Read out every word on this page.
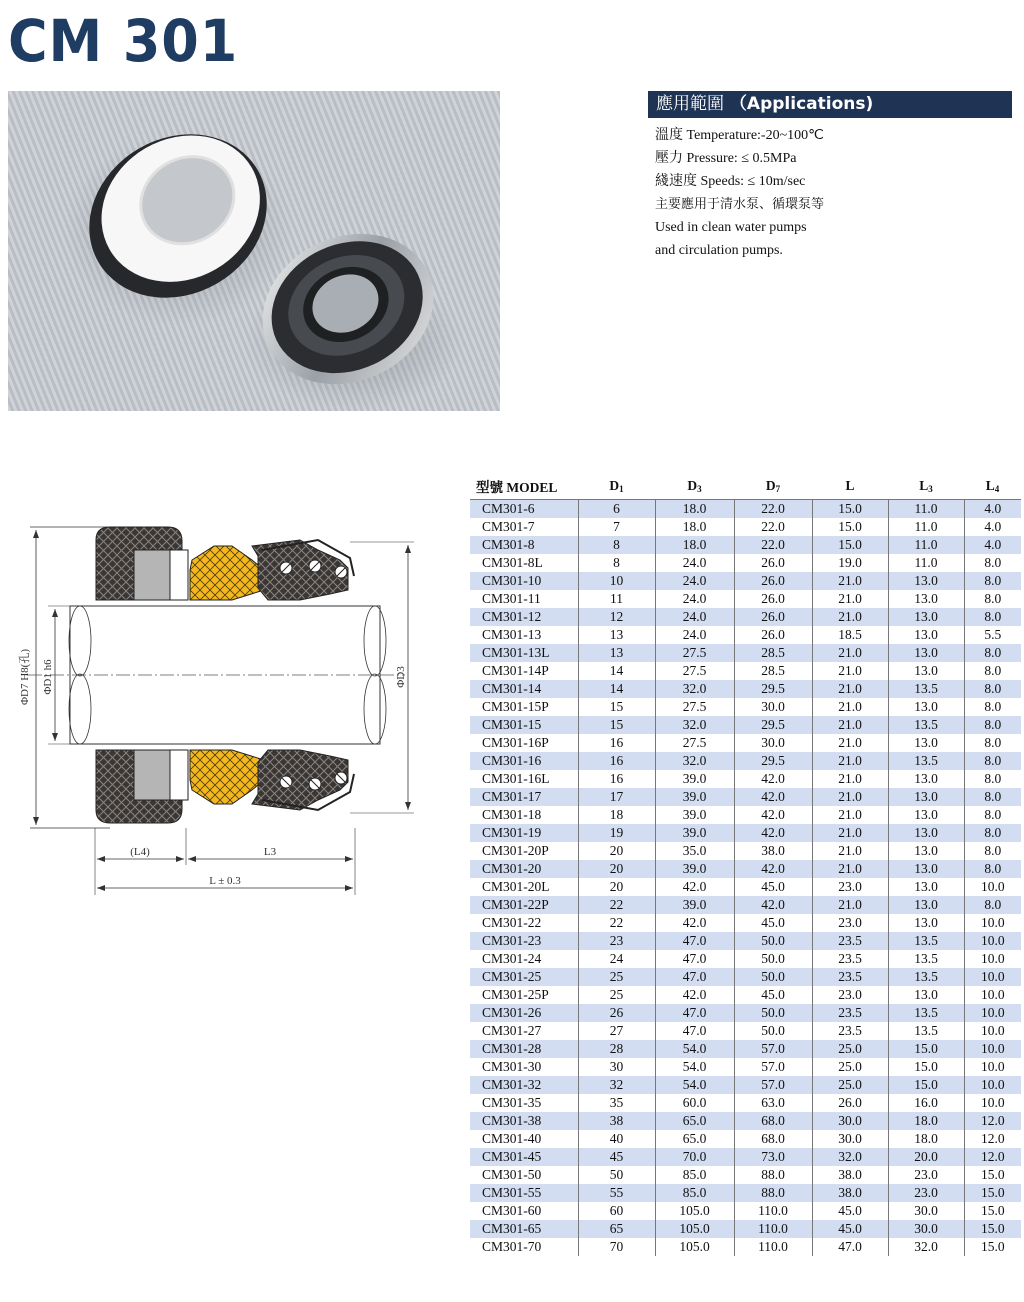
CM 301
應用範圍 （Applications)
溫度 Temperature:-20~100℃
壓力 Pressure: ≤ 0.5MPa
綫速度 Speeds: ≤ 10m/sec
主要應用于清水泵、循環泵等
Used in clean water pumps
and circulation pumps.
(L4)	L3
L ± 0.3
ΦD7 H8(孔) ΦD1 h6	ΦD3
型號 MODEL	$D_1$	$D_3$	$D_7$	L	$L_3$	$L_4$
CM301-6	6	18.0	22.0	15.0	11.0	4.0
CM301-7	7	18.0	22.0	15.0	11.0	4.0
CM301-8	8	18.0	22.0	15.0	11.0	4.0
CM301-8L	8	24.0	26.0	19.0	11.0	8.0
CM301-10	10	24.0	26.0	21.0	13.0	8.0
CM301-11	11	24.0	26.0	21.0	13.0	8.0
CM301-12	12	24.0	26.0	21.0	13.0	8.0
CM301-13	13	24.0	26.0	18.5	13.0	5.5
CM301-13L	13	27.5	28.5	21.0	13.0	8.0
CM301-14P	14	27.5	28.5	21.0	13.0	8.0
CM301-14	14	32.0	29.5	21.0	13.5	8.0
CM301-15P	15	27.5	30.0	21.0	13.0	8.0
CM301-15	15	32.0	29.5	21.0	13.5	8.0
CM301-16P	16	27.5	30.0	21.0	13.0	8.0
CM301-16	16	32.0	29.5	21.0	13.5	8.0
CM301-16L	16	39.0	42.0	21.0	13.0	8.0
CM301-17	17	39.0	42.0	21.0	13.0	8.0
CM301-18	18	39.0	42.0	21.0	13.0	8.0
CM301-19	19	39.0	42.0	21.0	13.0	8.0
CM301-20P	20	35.0	38.0	21.0	13.0	8.0
CM301-20	20	39.0	42.0	21.0	13.0	8.0
CM301-20L	20	42.0	45.0	23.0	13.0	10.0
CM301-22P	22	39.0	42.0	21.0	13.0	8.0
CM301-22	22	42.0	45.0	23.0	13.0	10.0
CM301-23	23	47.0	50.0	23.5	13.5	10.0
CM301-24	24	47.0	50.0	23.5	13.5	10.0
CM301-25	25	47.0	50.0	23.5	13.5	10.0
CM301-25P	25	42.0	45.0	23.0	13.0	10.0
CM301-26	26	47.0	50.0	23.5	13.5	10.0
CM301-27	27	47.0	50.0	23.5	13.5	10.0
CM301-28	28	54.0	57.0	25.0	15.0	10.0
CM301-30	30	54.0	57.0	25.0	15.0	10.0
CM301-32	32	54.0	57.0	25.0	15.0	10.0
CM301-35	35	60.0	63.0	26.0	16.0	10.0
CM301-38	38	65.0	68.0	30.0	18.0	12.0
CM301-40	40	65.0	68.0	30.0	18.0	12.0
CM301-45	45	70.0	73.0	32.0	20.0	12.0
CM301-50	50	85.0	88.0	38.0	23.0	15.0
CM301-55	55	85.0	88.0	38.0	23.0	15.0
CM301-60	60	105.0	110.0	45.0	30.0	15.0
CM301-65	65	105.0	110.0	45.0	30.0	15.0
CM301-70	70	105.0	110.0	47.0	32.0	15.0
